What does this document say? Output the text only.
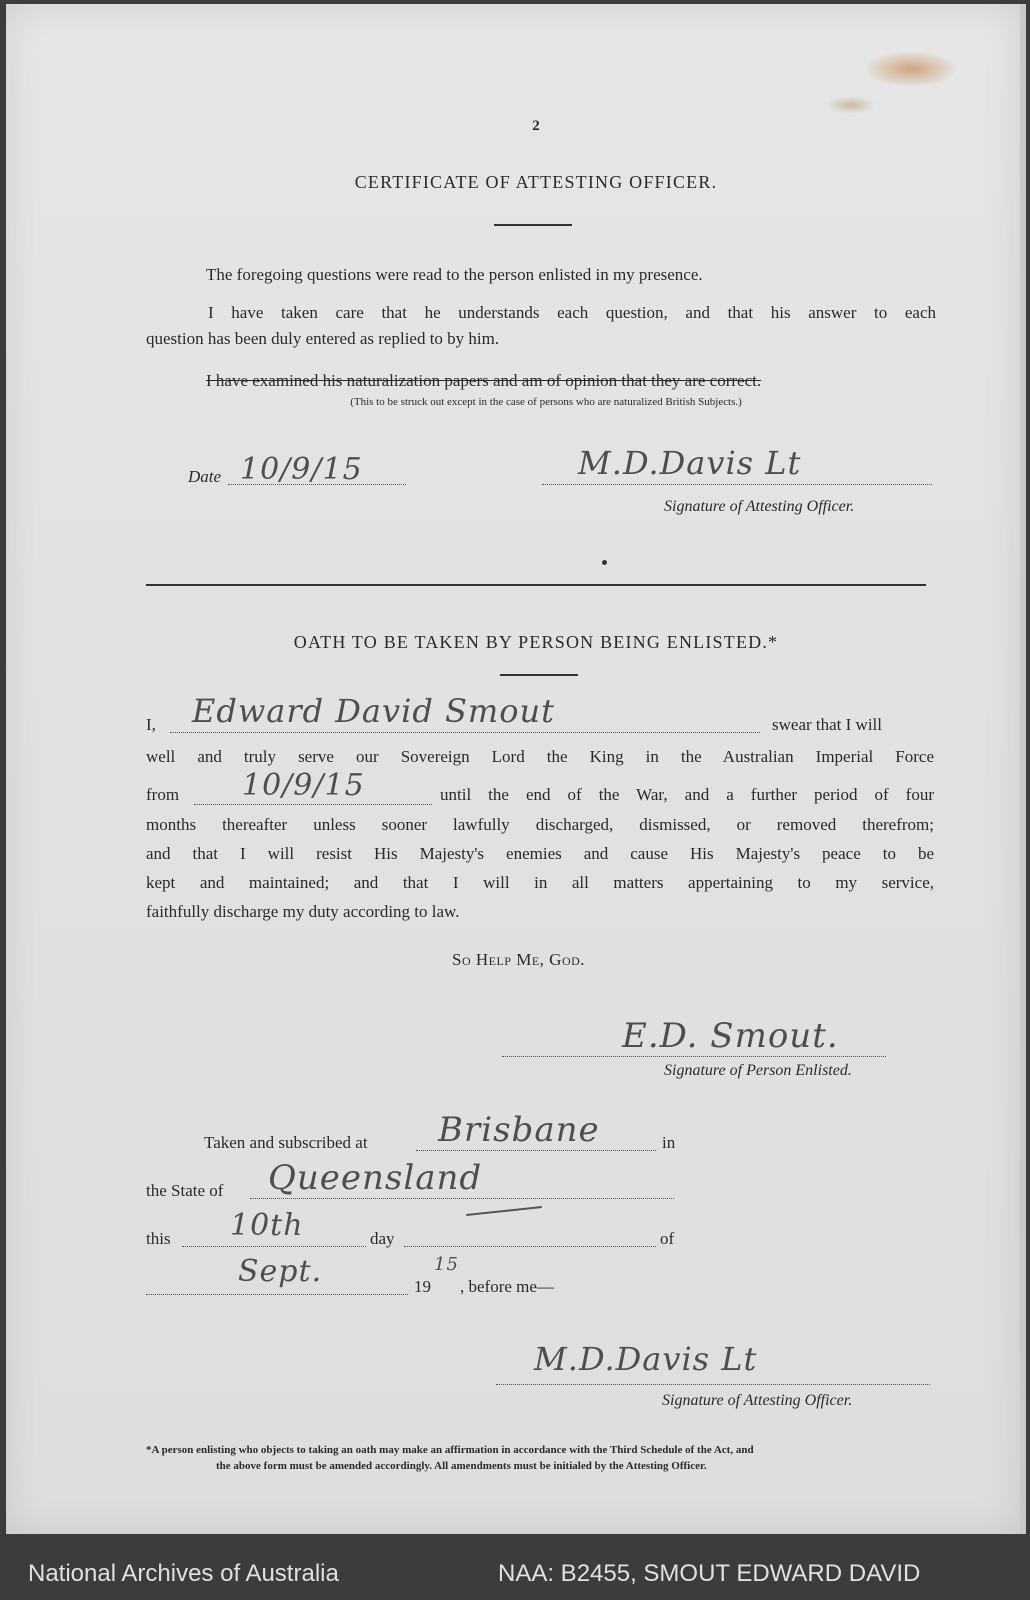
2
CERTIFICATE OF ATTESTING OFFICER.
The foregoing questions were read to the person enlisted in my presence.
I have taken care that he understands each question, and that his answer to each
question has been duly entered as replied to by him.
I have examined his naturalization papers and am of opinion that they are correct.
(This to be struck out except in the case of persons who are naturalized British Subjects.)
Date 10/9/15	M.D.Davis Lt
Signature of Attesting Officer.
OATH TO BE TAKEN BY PERSON BEING ENLISTED.*
I,	Edward David Smout	swear that I will
well and truly serve our Sovereign Lord the King in the Australian Imperial Force
from	10/9/15	until the end of the War, and a further period of four
months thereafter unless sooner lawfully discharged, dismissed, or removed therefrom;
and that I will resist His Majesty's enemies and cause His Majesty's peace to be
kept and maintained; and that I will in all matters appertaining to my service,
faithfully discharge my duty according to law.
So Help Me, God.
E.D. Smout.
Signature of Person Enlisted.
Taken and subscribed at	Brisbane	in
the State of	Queensland
this	10th	day	of
Sept.	19
15
, before me—
M.D.Davis Lt
Signature of Attesting Officer.
*A person enlisting who objects to taking an oath may make an affirmation in accordance with the Third Schedule of the Act, and
the above form must be amended accordingly. All amendments must be initialed by the Attesting Officer.
National Archives of Australia	NAA: B2455, SMOUT EDWARD DAVID
